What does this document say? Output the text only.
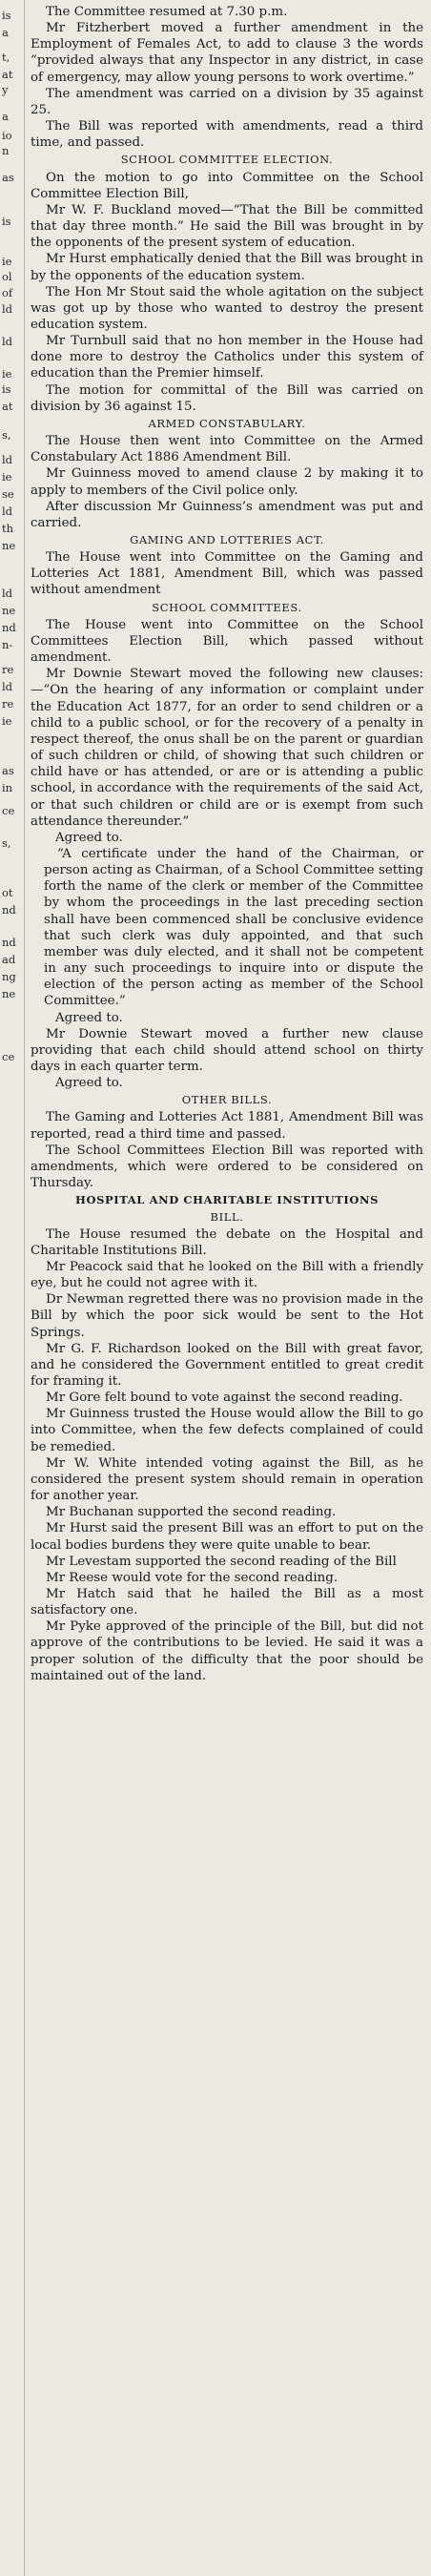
is
a
t,
at
y
a
io
n
as
is
ie
ol
of
ld
ld
ie
is
at
s,
ld
ie
se
ld
th
ne
ld
ne
nd
n-
re
ld
re
ie
as
in
ce
s,
ot
nd
nd
ad
ng
ne
ce

The Committee resumed at 7.30 p.m.

Mr Fitzherbert moved a further amendment in the Employment of Females Act, to add to clause 3 the words “provided always that any Inspector in any district, in case of emergency, may allow young persons to work overtime.”

The amendment was carried on a division by 35 against 25.

The Bill was reported with amendments, read a third time, and passed.

SCHOOL COMMITTEE ELECTION.

On the motion to go into Committee on the School Committee Election Bill,

Mr W. F. Buckland moved—“That the Bill be committed that day three month.” He said the Bill was brought in by the opponents of the present system of education.

Mr Hurst emphatically denied that the Bill was brought in by the opponents of the education system.

The Hon Mr Stout said the whole agitation on the subject was got up by those who wanted to destroy the present education system.

Mr Turnbull said that no hon member in the House had done more to destroy the Catholics under this system of education than the Premier himself.

The motion for committal of the Bill was carried on division by 36 against 15.

ARMED CONSTABULARY.

The House then went into Committee on the Armed Constabulary Act 1886 Amendment Bill.

Mr Guinness moved to amend clause 2 by making it to apply to members of the Civil police only.

After discussion Mr Guinness’s amendment was put and carried.

GAMING AND LOTTERIES ACT.

The House went into Committee on the Gaming and Lotteries Act 1881, Amendment Bill, which was passed without amendment

SCHOOL COMMITTEES.

The House went into Committee on the School Committees Election Bill, which passed without amendment.

Mr Downie Stewart moved the following new clauses:—“On the hearing of any information or complaint under the Education Act 1877, for an order to send children or a child to a public school, or for the recovery of a penalty in respect thereof, the onus shall be on the parent or guardian of such children or child, of showing that such children or child have or has attended, or are or is attending a public school, in accordance with the requirements of the said Act, or that such children or child are or is exempt from such attendance thereunder.”

Agreed to.

“A certificate under the hand of the Chairman, or person acting as Chairman, of a School Committee setting forth the name of the clerk or member of the Committee by whom the proceedings in the last preceding section shall have been commenced shall be conclusive evidence that such clerk was duly appointed, and that such member was duly elected, and it shall not be competent in any such proceedings to inquire into or dispute the election of the person acting as member of the School Committee.”

Agreed to.

Mr Downie Stewart moved a further new clause providing that each child should attend school on thirty days in each quarter term.

Agreed to.

OTHER BILLS.

The Gaming and Lotteries Act 1881, Amendment Bill was reported, read a third time and passed.

The School Committees Election Bill was reported with amendments, which were ordered to be considered on Thursday.

HOSPITAL AND CHARITABLE INSTITUTIONS

BILL.

The House resumed the debate on the Hospital and Charitable Institutions Bill.

Mr Peacock said that he looked on the Bill with a friendly eye, but he could not agree with it.

Dr Newman regretted there was no provision made in the Bill by which the poor sick would be sent to the Hot Springs.

Mr G. F. Richardson looked on the Bill with great favor, and he considered the Government entitled to great credit for framing it.

Mr Gore felt bound to vote against the second reading.

Mr Guinness trusted the House would allow the Bill to go into Committee, when the few defects complained of could be remedied.

Mr W. White intended voting against the Bill, as he considered the present system should remain in operation for another year.

Mr Buchanan supported the second reading.

Mr Hurst said the present Bill was an effort to put on the local bodies burdens they were quite unable to bear.

Mr Levestam supported the second reading of the Bill

Mr Reese would vote for the second reading.

Mr Hatch said that he hailed the Bill as a most satisfactory one.

Mr Pyke approved of the principle of the Bill, but did not approve of the contributions to be levied. He said it was a proper solution of the difficulty that the poor should be maintained out of the land.
